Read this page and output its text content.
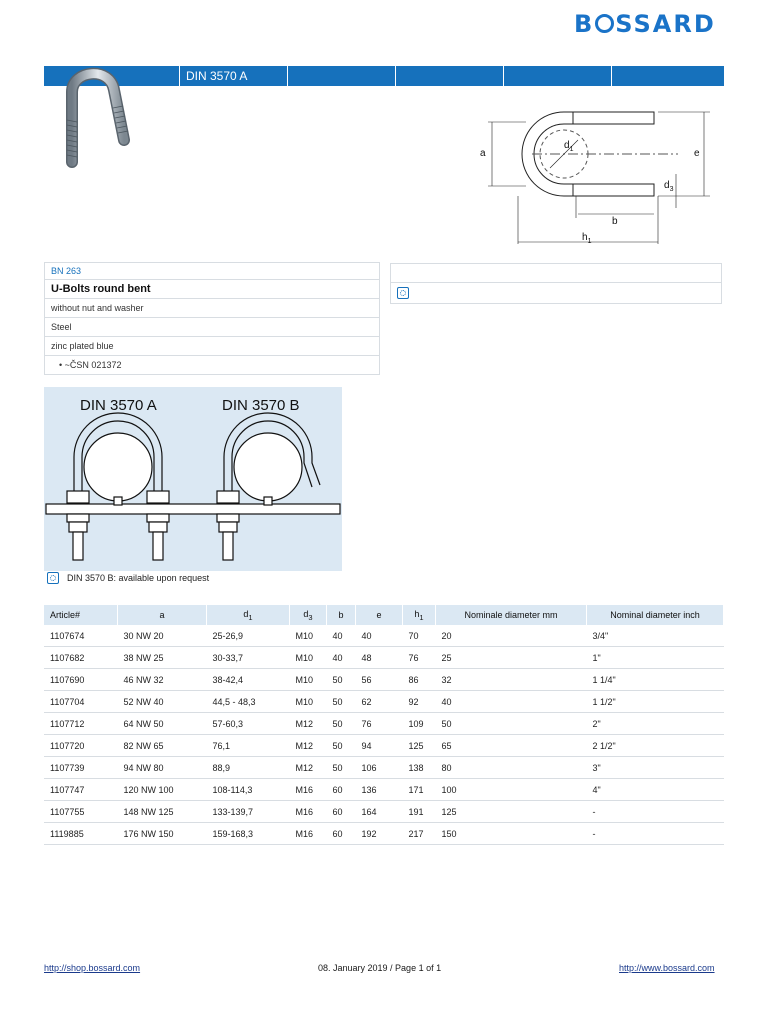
B SSARD
DIN 3570 A
a
$d_1$	e
$d_3$
b
$h_1$
BN 263
U-Bolts round bent
without nut and washer
Steel
zinc plated blue
• ~ČSN 021372
DIN 3570 A	DIN 3570 B
DIN 3570 B: available upon request
Article#	a	$d_1$	$d_3$	b	e	$h_1$	Nominale diameter mm	Nominal diameter inch
1107674	30 NW 20	25-26,9	M10	40	40	70	20	3/4"
1107682	38 NW 25	30-33,7	M10	40	48	76	25	1"
1107690	46 NW 32	38-42,4	M10	50	56	86	32	1 1/4"
1107704	52 NW 40	44,5 - 48,3	M10	50	62	92	40	1 1/2"
1107712	64 NW 50	57-60,3	M12	50	76	109	50	2"
1107720	82 NW 65	76,1	M12	50	94	125	65	2 1/2"
1107739	94 NW 80	88,9	M12	50	106	138	80	3"
1107747	120 NW 100	108-114,3	M16	60	136	171	100	4"
1107755	148 NW 125	133-139,7	M16	60	164	191	125	-
1119885	176 NW 150	159-168,3	M16	60	192	217	150	-
http://shop.bossard.com	08. January 2019 / Page 1 of 1	http://www.bossard.com
